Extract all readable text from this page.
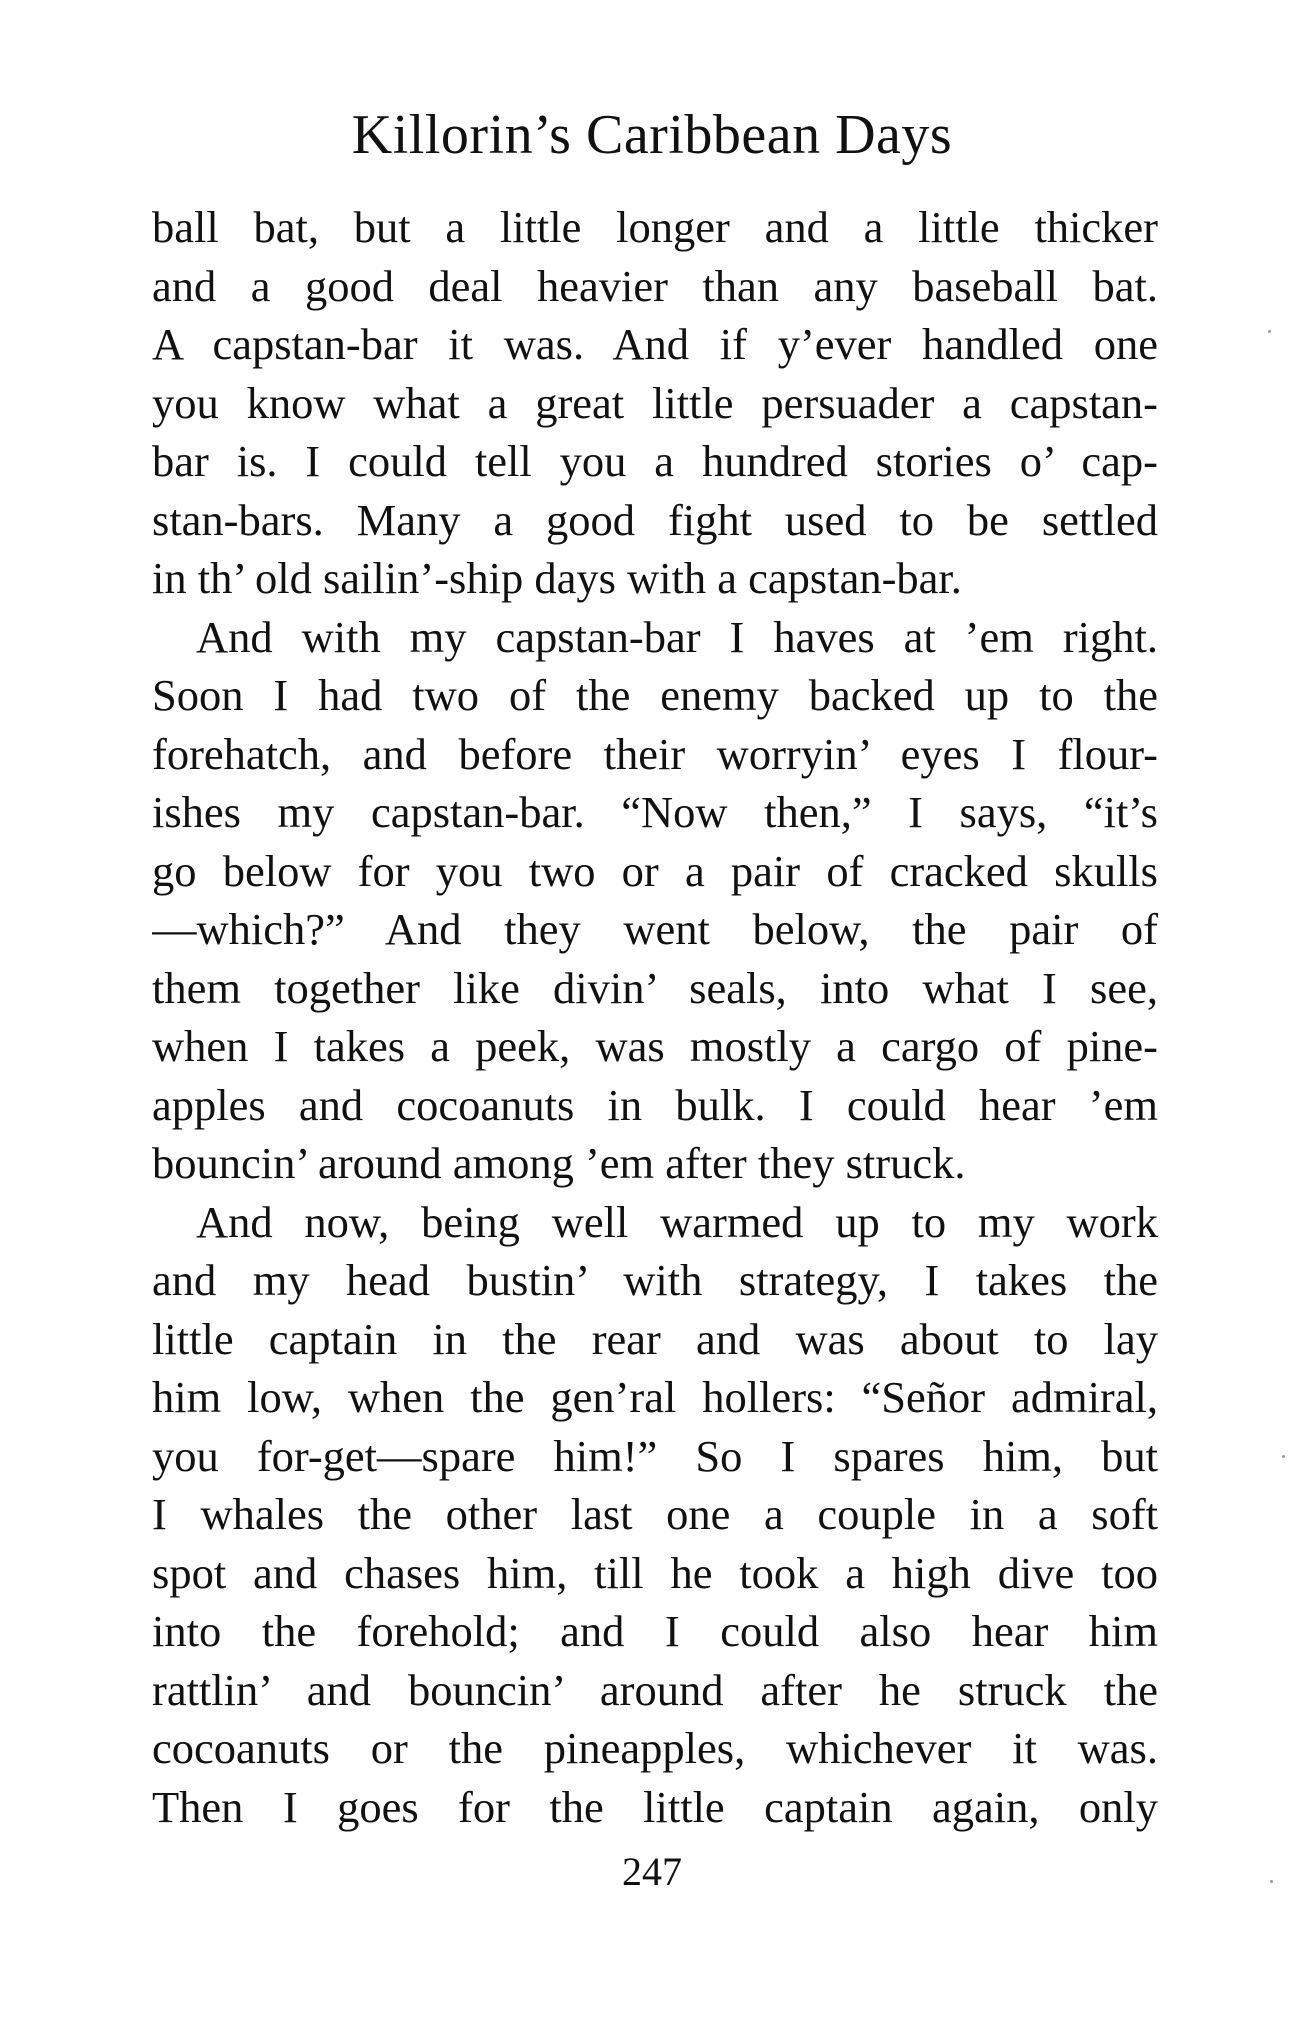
Killorin’s Caribbean Days
ball bat, but a little longer and a little thicker
and a good deal heavier than any baseball bat.
A capstan-bar it was. And if y’ever handled one
you know what a great little persuader a capstan-
bar is. I could tell you a hundred stories o’ cap-
stan-bars. Many a good fight used to be settled
in th’ old sailin’-ship days with a capstan-bar.
And with my capstan-bar I haves at ’em right.
Soon I had two of the enemy backed up to the
forehatch, and before their worryin’ eyes I flour-
ishes my capstan-bar. “Now then,” I says, “it’s
go below for you two or a pair of cracked skulls
—which?” And they went below, the pair of
them together like divin’ seals, into what I see,
when I takes a peek, was mostly a cargo of pine-
apples and cocoanuts in bulk. I could hear ’em
bouncin’ around among ’em after they struck.
And now, being well warmed up to my work
and my head bustin’ with strategy, I takes the
little captain in the rear and was about to lay
him low, when the gen’ral hollers: “Señor admiral,
you for-get—spare him!” So I spares him, but
I whales the other last one a couple in a soft
spot and chases him, till he took a high dive too
into the forehold; and I could also hear him
rattlin’ and bouncin’ around after he struck the
cocoanuts or the pineapples, whichever it was.
Then I goes for the little captain again, only
247
